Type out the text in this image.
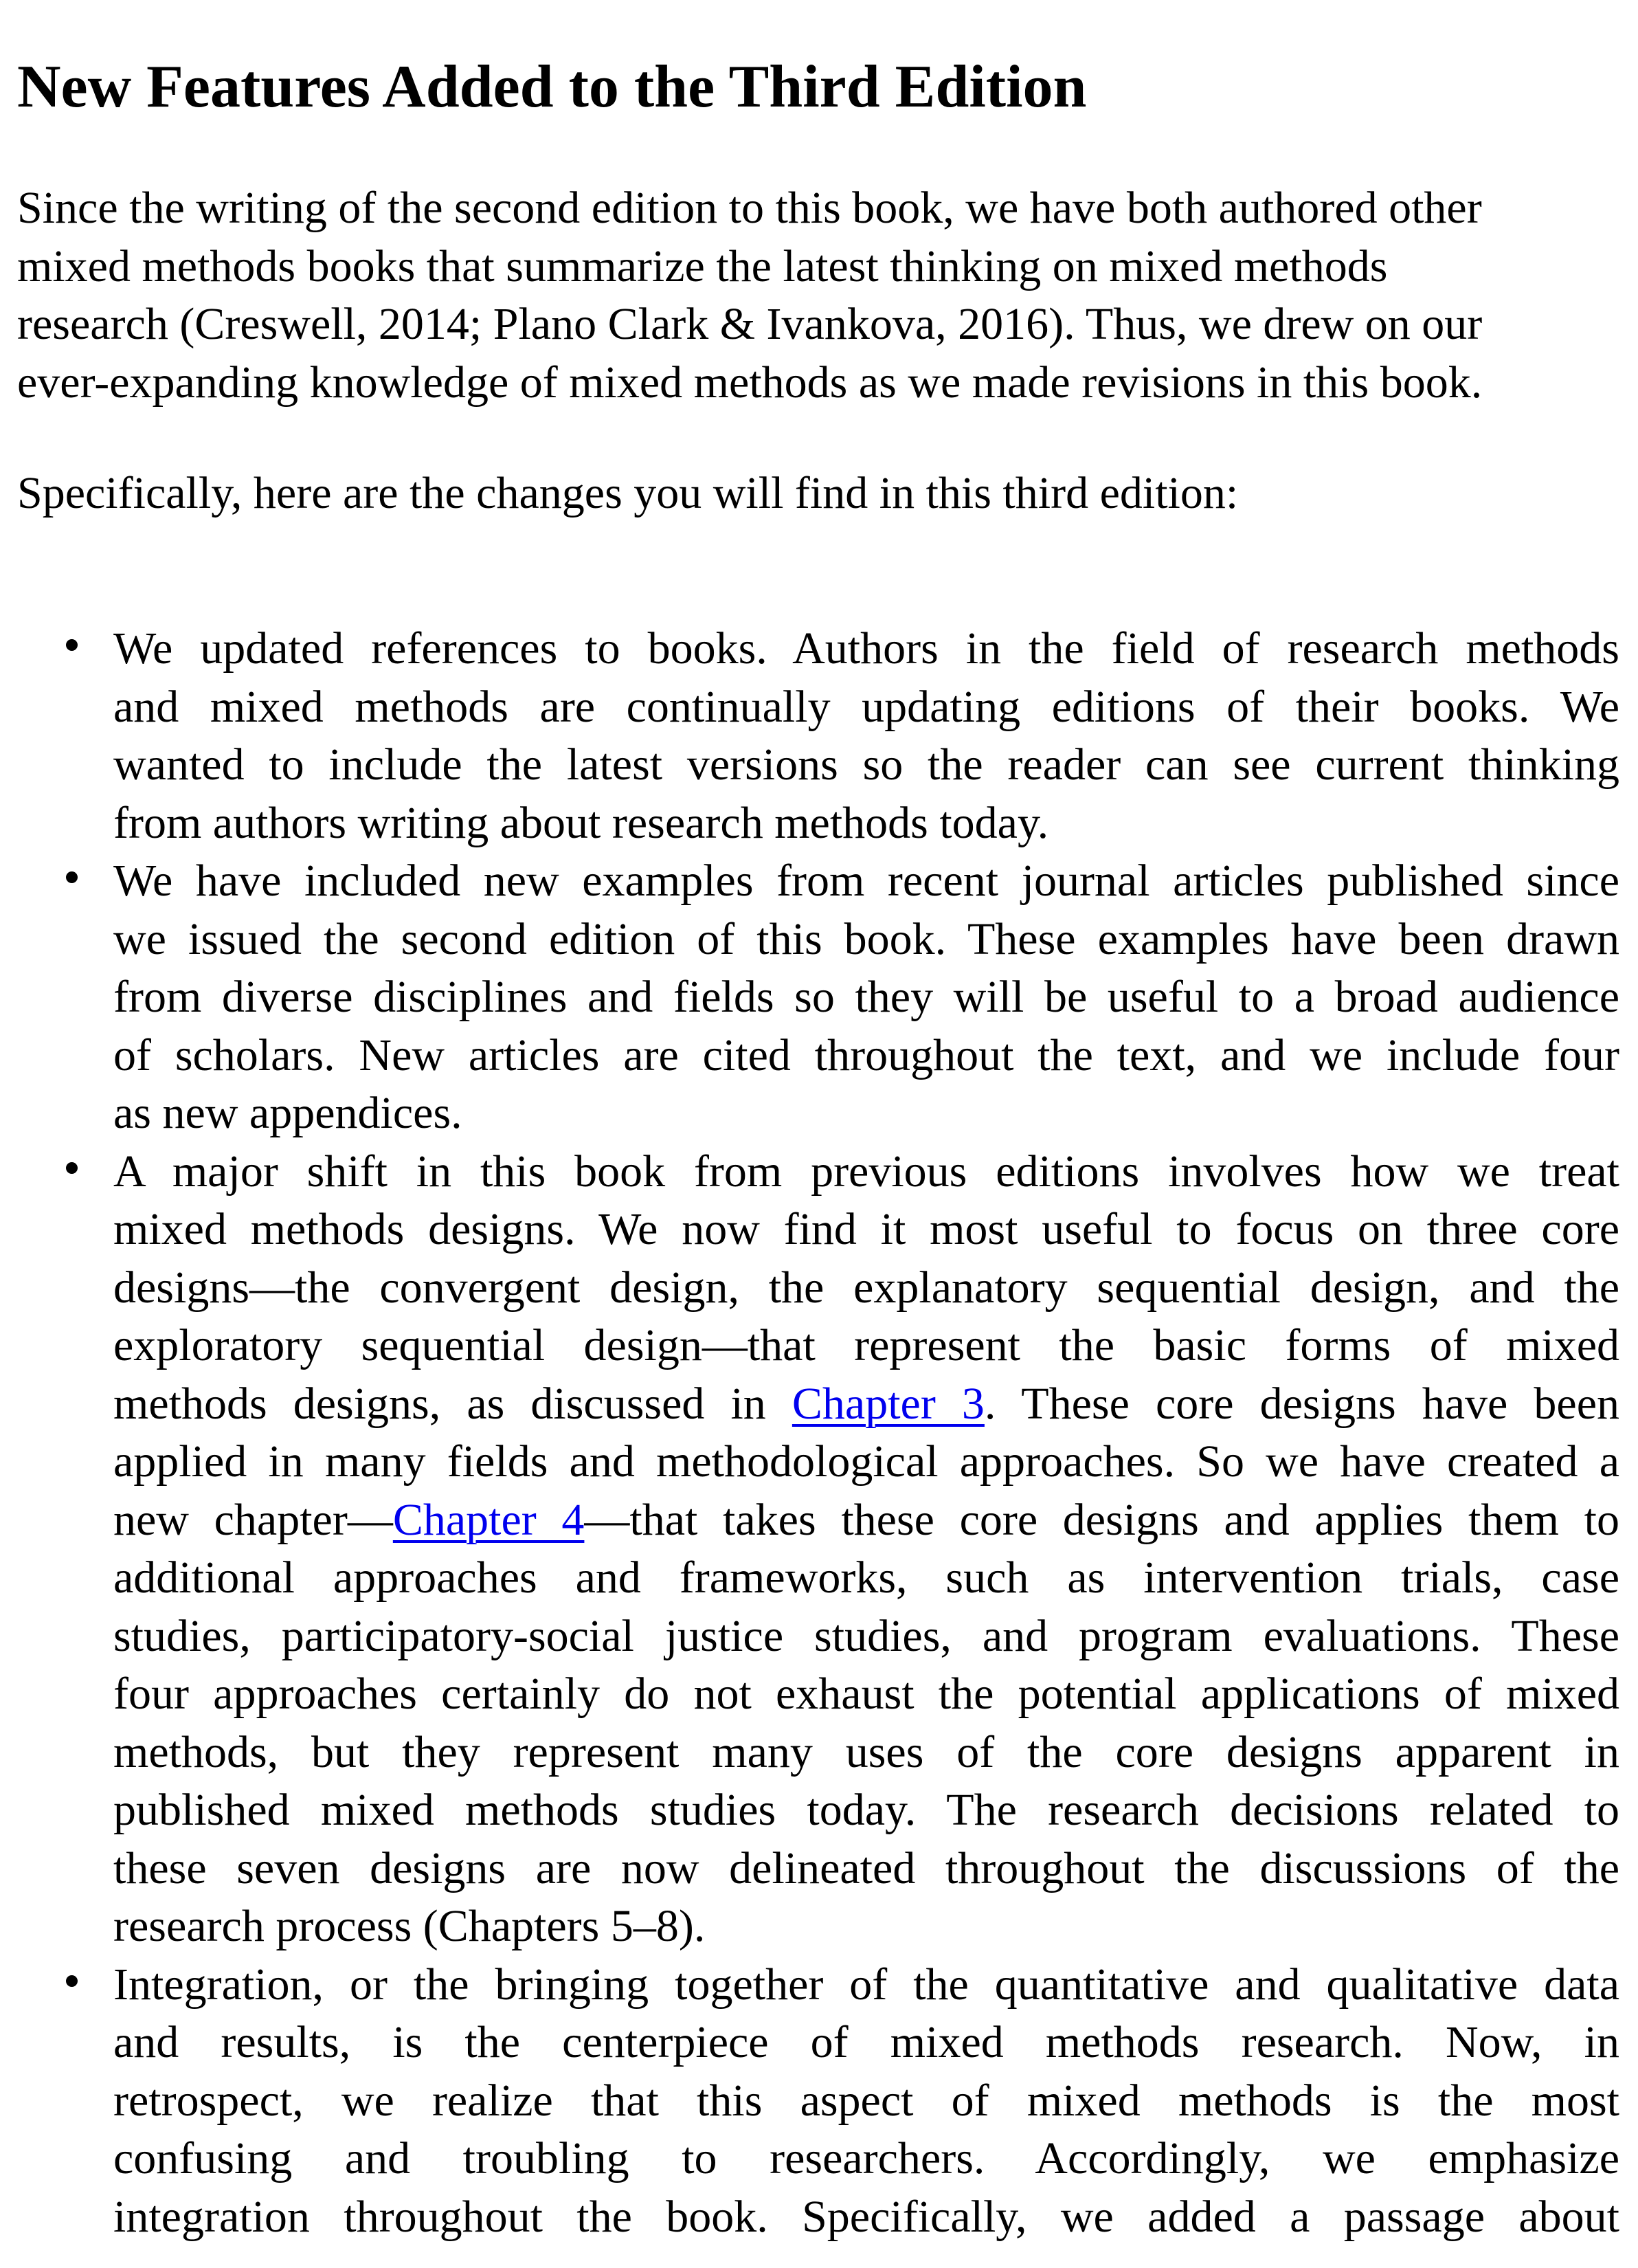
New Features Added to the Third Edition
Since the writing of the second edition to this book, we have both authored other
mixed methods books that summarize the latest thinking on mixed methods
research (Creswell, 2014; Plano Clark & Ivankova, 2016). Thus, we drew on our
ever-expanding knowledge of mixed methods as we made revisions in this book.
Specifically, here are the changes you will find in this third edition:
We updated references to books. Authors in the field of research methods
and mixed methods are continually updating editions of their books. We
wanted to include the latest versions so the reader can see current thinking
from authors writing about research methods today.
We have included new examples from recent journal articles published since
we issued the second edition of this book. These examples have been drawn
from diverse disciplines and fields so they will be useful to a broad audience
of scholars. New articles are cited throughout the text, and we include four
as new appendices.
A major shift in this book from previous editions involves how we treat
mixed methods designs. We now find it most useful to focus on three core
designs—the convergent design, the explanatory sequential design, and the
exploratory sequential design—that represent the basic forms of mixed
methods designs, as discussed in Chapter 3. These core designs have been
applied in many fields and methodological approaches. So we have created a
new chapter—Chapter 4—that takes these core designs and applies them to
additional approaches and frameworks, such as intervention trials, case
studies, participatory-social justice studies, and program evaluations. These
four approaches certainly do not exhaust the potential applications of mixed
methods, but they represent many uses of the core designs apparent in
published mixed methods studies today. The research decisions related to
these seven designs are now delineated throughout the discussions of the
research process (Chapters 5–8).
Integration, or the bringing together of the quantitative and qualitative data
and results, is the centerpiece of mixed methods research. Now, in
retrospect, we realize that this aspect of mixed methods is the most
confusing and troubling to researchers. Accordingly, we emphasize
integration throughout the book. Specifically, we added a passage about
